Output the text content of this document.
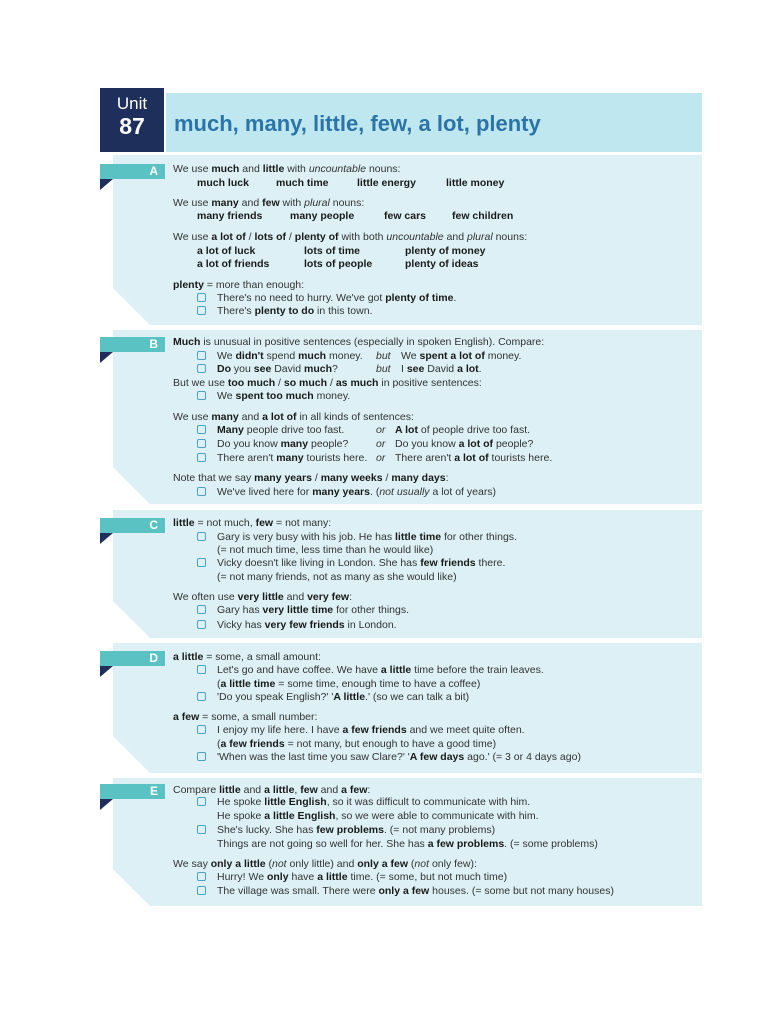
Unit
87	much, many, little, few, a lot, plenty
A
B
C
D
E
We use much and little with uncountable nouns:
much luck	much time	little energy	little money
We use many and few with plural nouns:
many friends	many people	few cars few children
We use a lot of / lots of / plenty of with both uncountable and plural nouns:
a lot of luck	lots of time	plenty of money
a lot of friends	lots of people	plenty of ideas
plenty = more than enough:
There's no need to hurry. We've got plenty of time.
There's plenty to do in this town.
Much is unusual in positive sentences (especially in spoken English). Compare:
We didn't spend much money. but We spent a lot of money.
Do you see David much?	but I see David a lot.
But we use too much / so much / as much in positive sentences:
We spent too much money.
We use many and a lot of in all kinds of sentences:
Many people drive too fast.	or A lot of people drive too fast.
Do you know many people?	or Do you know a lot of people?
There aren't many tourists here. or There aren't a lot of tourists here.
Note that we say many years / many weeks / many days:
We've lived here for many years. (not usually a lot of years)
little = not much, few = not many:
Gary is very busy with his job. He has little time for other things.
(= not much time, less time than he would like)
Vicky doesn't like living in London. She has few friends there.
(= not many friends, not as many as she would like)
We often use very little and very few:
Gary has very little time for other things.
Vicky has very few friends in London.
a little = some, a small amount:
Let's go and have coffee. We have a little time before the train leaves.
(a little time = some time, enough time to have a coffee)
'Do you speak English?' 'A little.' (so we can talk a bit)
a few = some, a small number:
I enjoy my life here. I have a few friends and we meet quite often.
(a few friends = not many, but enough to have a good time)
'When was the last time you saw Clare?' 'A few days ago.' (= 3 or 4 days ago)
Compare little and a little, few and a few:
He spoke little English, so it was difficult to communicate with him.
He spoke a little English, so we were able to communicate with him.
She's lucky. She has few problems. (= not many problems)
Things are not going so well for her. She has a few problems. (= some problems)
We say only a little (not only little) and only a few (not only few):
Hurry! We only have a little time. (= some, but not much time)
The village was small. There were only a few houses. (= some but not many houses)
